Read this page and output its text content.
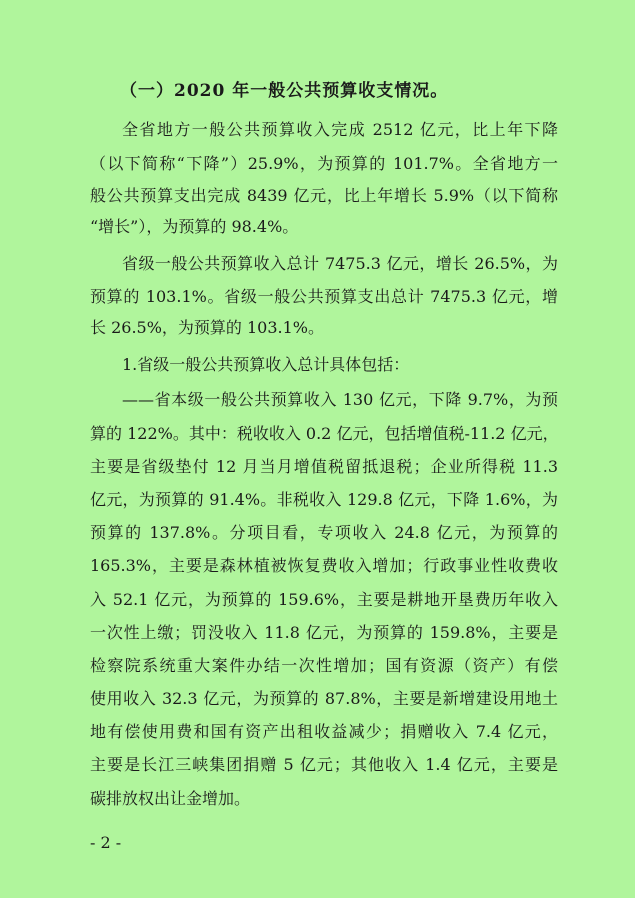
（一）2020 年一般公共预算收支情况。
全省地方一般公共预算收入完成 2512 亿元，比上年下降
（以下简称“下降”）25.9%，为预算的 101.7%。全省地方一
般公共预算支出完成 8439 亿元，比上年增长 5.9%（以下简称
“增长”），为预算的 98.4%。
省级一般公共预算收入总计 7475.3 亿元，增长 26.5%，为
预算的 103.1%。省级一般公共预算支出总计 7475.3 亿元，增
长 26.5%，为预算的 103.1%。
1.省级一般公共预算收入总计具体包括：
——省本级一般公共预算收入 130 亿元，下降 9.7%，为预
算的 122%。其中：税收收入 0.2 亿元，包括增值税-11.2 亿元，
主要是省级垫付 12 月当月增值税留抵退税；企业所得税 11.3
亿元，为预算的 91.4%。非税收入 129.8 亿元，下降 1.6%，为
预算的 137.8%。分项目看，专项收入 24.8 亿元，为预算的
165.3%，主要是森林植被恢复费收入增加；行政事业性收费收
入 52.1 亿元，为预算的 159.6%，主要是耕地开垦费历年收入
一次性上缴；罚没收入 11.8 亿元，为预算的 159.8%，主要是
检察院系统重大案件办结一次性增加；国有资源（资产）有偿
使用收入 32.3 亿元，为预算的 87.8%，主要是新增建设用地土
地有偿使用费和国有资产出租收益减少；捐赠收入 7.4 亿元，
主要是长江三峡集团捐赠 5 亿元；其他收入 1.4 亿元，主要是
碳排放权出让金增加。
- 2 -
